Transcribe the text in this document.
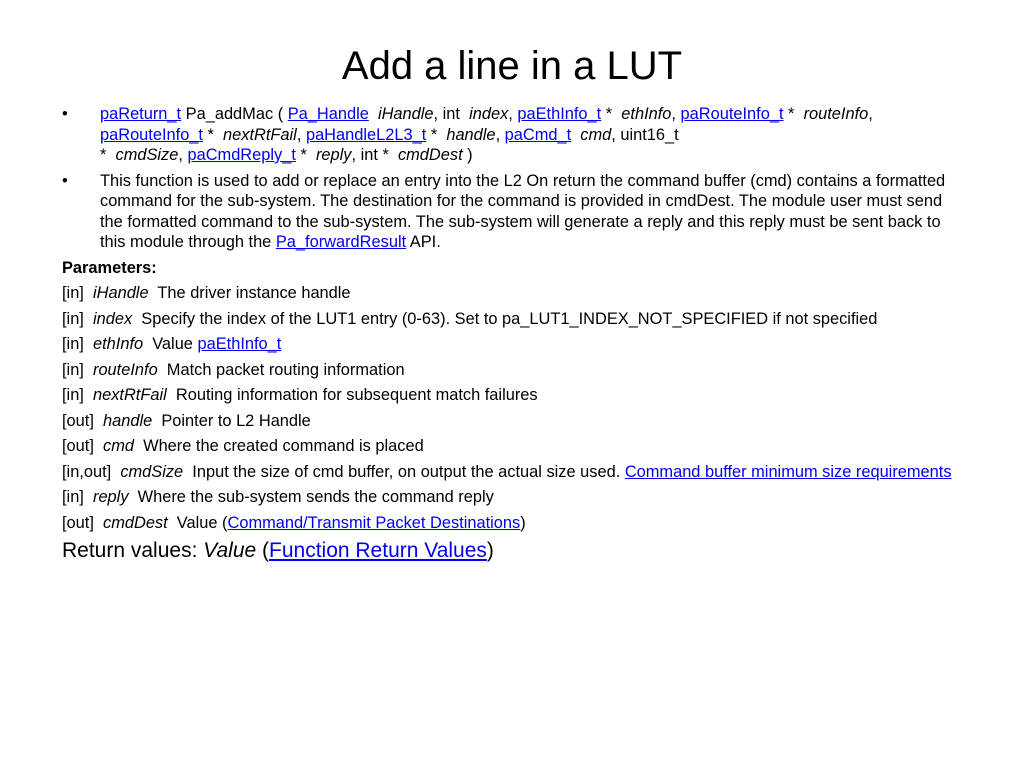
Add a line in a LUT
• paReturn_t Pa_addMac ( Pa_Handle iHandle, int  index, paEthInfo_t *  ethInfo, paRouteInfo_t *  routeInfo, paRouteInfo_t *  nextRtFail, paHandleL2L3_t *  handle, paCmd_t cmd, uint16_t
*  cmdSize, paCmdReply_t *  reply, int *  cmdDest )
• This function is used to add or replace an entry into the L2 On return the command buffer (cmd) contains a formatted command for the sub-system. The destination for the command is provided in cmdDest. The module user must send the formatted command to the sub-system. The sub-system will generate a reply and this reply must be sent back to this module through the Pa_forwardResult API.
Parameters:
[in]  iHandle The driver instance handle
[in]  index Specify the index of the LUT1 entry (0-63). Set to pa_LUT1_INDEX_NOT_SPECIFIED if not specified
[in]  ethInfo Value paEthInfo_t
[in]  routeInfo Match packet routing information
[in]  nextRtFail Routing information for subsequent match failures
[out]  handle Pointer to L2 Handle
[out]  cmd Where the created command is placed
[in,out]  cmdSize Input the size of cmd buffer, on output the actual size used. Command buffer minimum size requirements
[in]  reply Where the sub-system sends the command reply
[out]  cmdDest Value (Command/Transmit Packet Destinations)
Return values: Value (Function Return Values)
